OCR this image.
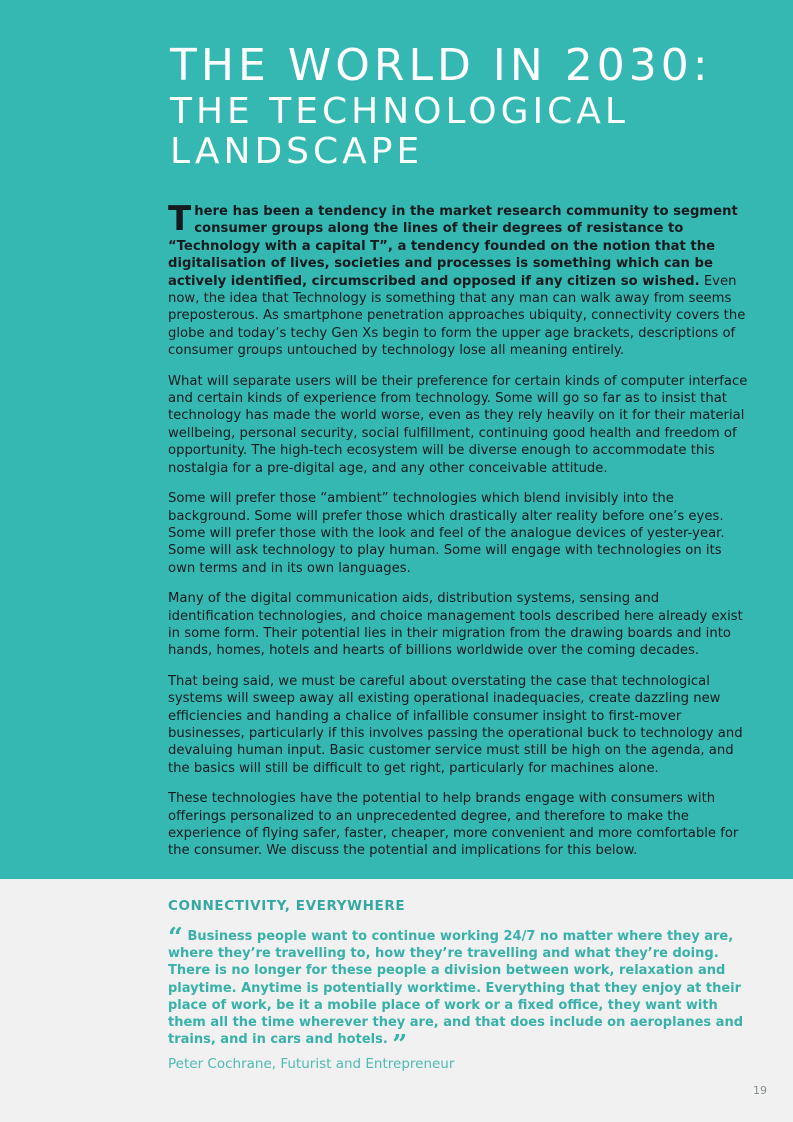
THE WORLD IN 2030:
THE TECHNOLOGICAL
LANDSCAPE

There has been a tendency in the market research community to segment consumer groups along the lines of their degrees of resistance to “Technology with a capital T”, a tendency founded on the notion that the digitalisation of lives, societies and processes is something which can be actively identified, circumscribed and opposed if any citizen so wished. Even now, the idea that Technology is something that any man can walk away from seems preposterous. As smartphone penetration approaches ubiquity, connectivity covers the globe and today’s techy Gen Xs begin to form the upper age brackets, descriptions of consumer groups untouched by technology lose all meaning entirely.

What will separate users will be their preference for certain kinds of computer interface and certain kinds of experience from technology. Some will go so far as to insist that technology has made the world worse, even as they rely heavily on it for their material wellbeing, personal security, social fulfillment, continuing good health and freedom of opportunity. The high-tech ecosystem will be diverse enough to accommodate this nostalgia for a pre-digital age, and any other conceivable attitude.

Some will prefer those “ambient” technologies which blend invisibly into the background. Some will prefer those which drastically alter reality before one’s eyes. Some will prefer those with the look and feel of the analogue devices of yester-year. Some will ask technology to play human. Some will engage with technologies on its own terms and in its own languages.

Many of the digital communication aids, distribution systems, sensing and identification technologies, and choice management tools described here already exist in some form. Their potential lies in their migration from the drawing boards and into hands, homes, hotels and hearts of billions worldwide over the coming decades.

That being said, we must be careful about overstating the case that technological systems will sweep away all existing operational inadequacies, create dazzling new efficiencies and handing a chalice of infallible consumer insight to first-mover businesses, particularly if this involves passing the operational buck to technology and devaluing human input. Basic customer service must still be high on the agenda, and the basics will still be difficult to get right, particularly for machines alone.

These technologies have the potential to help brands engage with consumers with offerings personalized to an unprecedented degree, and therefore to make the experience of flying safer, faster, cheaper, more convenient and more comfortable for the consumer. We discuss the potential and implications for this below.

CONNECTIVITY, EVERYWHERE

“ Business people want to continue working 24/7 no matter where they are, where they’re travelling to, how they’re travelling and what they’re doing. There is no longer for these people a division between work, relaxation and playtime. Anytime is potentially worktime. Everything that they enjoy at their place of work, be it a mobile place of work or a fixed office, they want with them all the time wherever they are, and that does include on aeroplanes and trains, and in cars and hotels. ”

Peter Cochrane, Futurist and Entrepreneur
19
